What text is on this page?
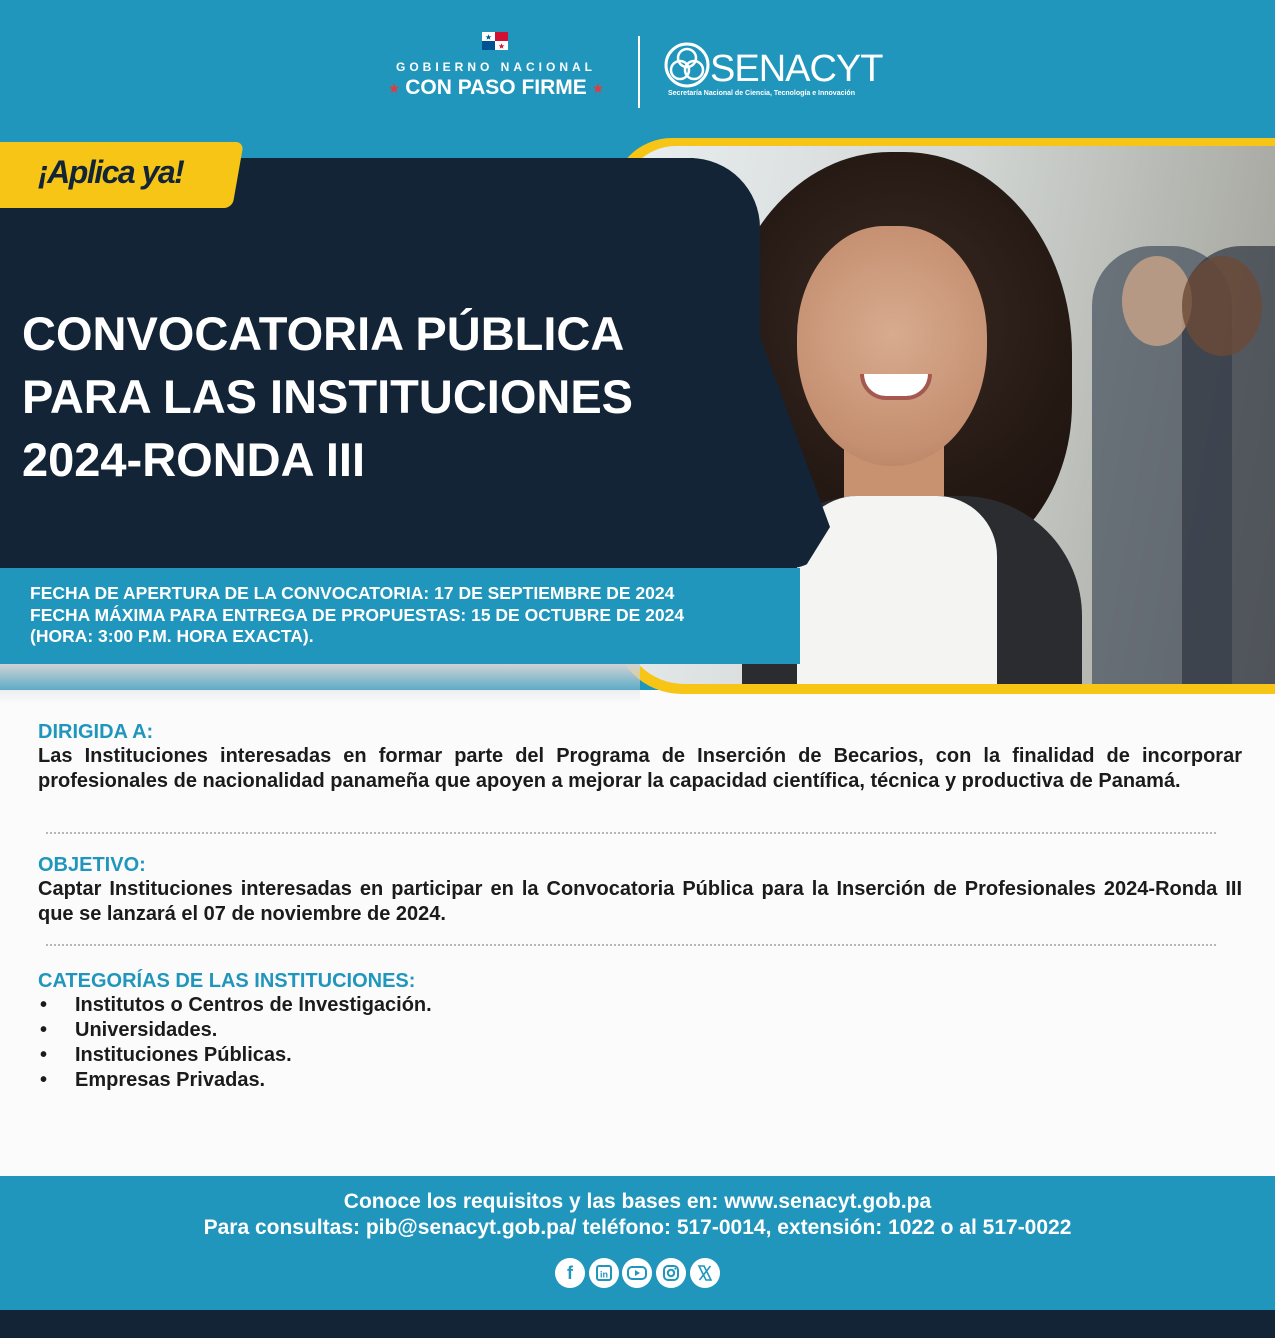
GOBIERNO NACIONAL
★ CON PASO FIRME ★	SENACYT
Secretaría Nacional de Ciencia, Tecnología e Innovación
¡Aplica ya!
CONVOCATORIA PÚBLICA
PARA LAS INSTITUCIONES
2024-RONDA III
FECHA DE APERTURA DE LA CONVOCATORIA: 17 DE SEPTIEMBRE DE 2024
FECHA MÁXIMA PARA ENTREGA DE PROPUESTAS: 15 DE OCTUBRE DE 2024
(HORA: 3:00 P.M. HORA EXACTA).
DIRIGIDA A:
Las Instituciones interesadas en formar parte del Programa de Inserción de Becarios, con la finalidad de incorporar profesionales de nacionalidad panameña que apoyen a mejorar la capacidad científica, técnica y productiva de Panamá.
OBJETIVO:
Captar Instituciones interesadas en participar en la Convocatoria Pública para la Inserción de Profesionales 2024-Ronda III que se lanzará el 07 de noviembre de 2024.
CATEGORÍAS DE LAS INSTITUCIONES:
• Institutos o Centros de Investigación.
• Universidades.
• Instituciones Públicas.
• Empresas Privadas.
Conoce los requisitos y las bases en: www.senacyt.gob.pa
Para consultas: pib@senacyt.gob.pa/ teléfono: 517-0014, extensión: 1022 o al 517-0022
f	in
